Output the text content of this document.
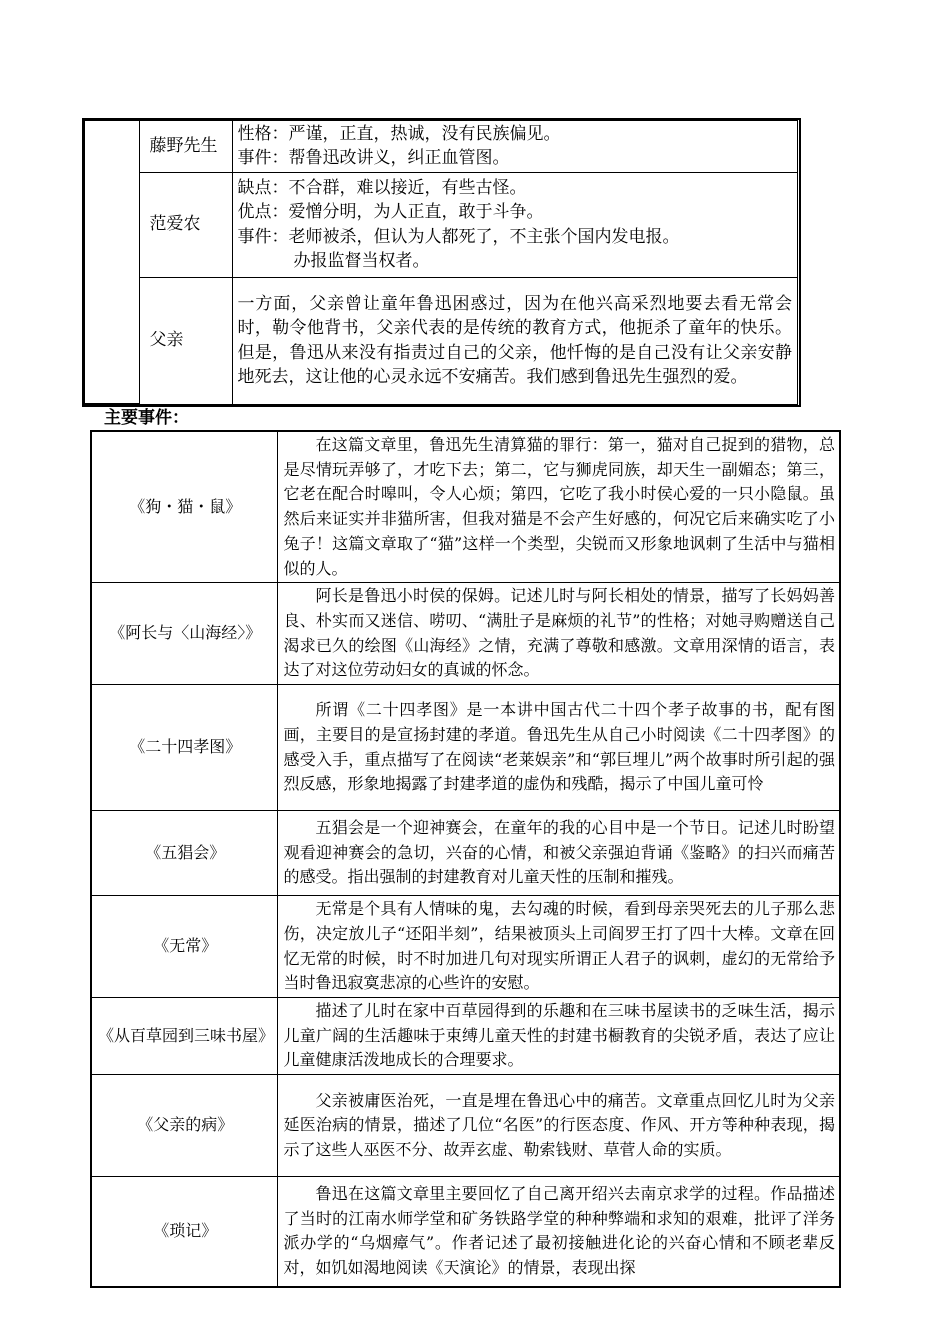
	藤野先生	性格：严谨，正直，热诚，没有民族偏见。
事件：帮鲁迅改讲义，纠正血管图。

	范爱农	缺点：不合群，难以接近，有些古怪。
优点：爱憎分明，为人正直，敢于斗争。
事件：老师被杀，但认为人都死了，不主张个国内发电报。
办报监督当权者。

	父亲	一方面，父亲曾让童年鲁迅困惑过，因为在他兴高采烈地要去看无常会时，勒令他背书，父亲代表的是传统的教育方式，他扼杀了童年的快乐。但是，鲁迅从来没有指责过自己的父亲，他忏悔的是自己没有让父亲安静地死去，这让他的心灵永远不安痛苦。我们感到鲁迅先生强烈的爱。
主要事件：
《狗・猫・鼠》	在这篇文章里，鲁迅先生清算猫的罪行：第一，猫对自己捉到的猎物，总是尽情玩弄够了，才吃下去；第二，它与狮虎同族，却天生一副媚态；第三，它老在配合时嗥叫，令人心烦；第四，它吃了我小时侯心爱的一只小隐鼠。虽然后来证实并非猫所害，但我对猫是不会产生好感的，何况它后来确实吃了小兔子！这篇文章取了“猫”这样一个类型，尖锐而又形象地讽刺了生活中与猫相似的人。
《阿长与〈山海经〉》	阿长是鲁迅小时侯的保姆。记述儿时与阿长相处的情景，描写了长妈妈善良、朴实而又迷信、唠叨、“满肚子是麻烦的礼节”的性格；对她寻购赠送自己渴求已久的绘图《山海经》之情，充满了尊敬和感激。文章用深情的语言，表达了对这位劳动妇女的真诚的怀念。
《二十四孝图》	所谓《二十四孝图》是一本讲中国古代二十四个孝子故事的书，配有图画，主要目的是宣扬封建的孝道。鲁迅先生从自己小时阅读《二十四孝图》的感受入手，重点描写了在阅读“老莱娱亲”和“郭巨埋儿”两个故事时所引起的强烈反感，形象地揭露了封建孝道的虚伪和残酷，揭示了中国儿童可怜
《五猖会》	五猖会是一个迎神赛会，在童年的我的心目中是一个节日。记述儿时盼望观看迎神赛会的急切，兴奋的心情，和被父亲强迫背诵《鉴略》的扫兴而痛苦的感受。指出强制的封建教育对儿童天性的压制和摧残。
《无常》	无常是个具有人情味的鬼，去勾魂的时候，看到母亲哭死去的儿子那么悲伤，决定放儿子“还阳半刻”，结果被顶头上司阎罗王打了四十大棒。文章在回忆无常的时候，时不时加进几句对现实所谓正人君子的讽刺，虚幻的无常给予当时鲁迅寂寞悲凉的心些许的安慰。
《从百草园到三味书屋》	描述了儿时在家中百草园得到的乐趣和在三味书屋读书的乏味生活，揭示儿童广阔的生活趣味于束缚儿童天性的封建书橱教育的尖锐矛盾，表达了应让儿童健康活泼地成长的合理要求。
《父亲的病》	父亲被庸医治死，一直是埋在鲁迅心中的痛苦。文章重点回忆儿时为父亲延医治病的情景，描述了几位“名医”的行医态度、作风、开方等种种表现，揭示了这些人巫医不分、故弄玄虚、勒索钱财、草菅人命的实质。
《琐记》	鲁迅在这篇文章里主要回忆了自己离开绍兴去南京求学的过程。作品描述了当时的江南水师学堂和矿务铁路学堂的种种弊端和求知的艰难，批评了洋务派办学的“乌烟瘴气”。作者记述了最初接触进化论的兴奋心情和不顾老辈反对，如饥如渴地阅读《天演论》的情景，表现出探
